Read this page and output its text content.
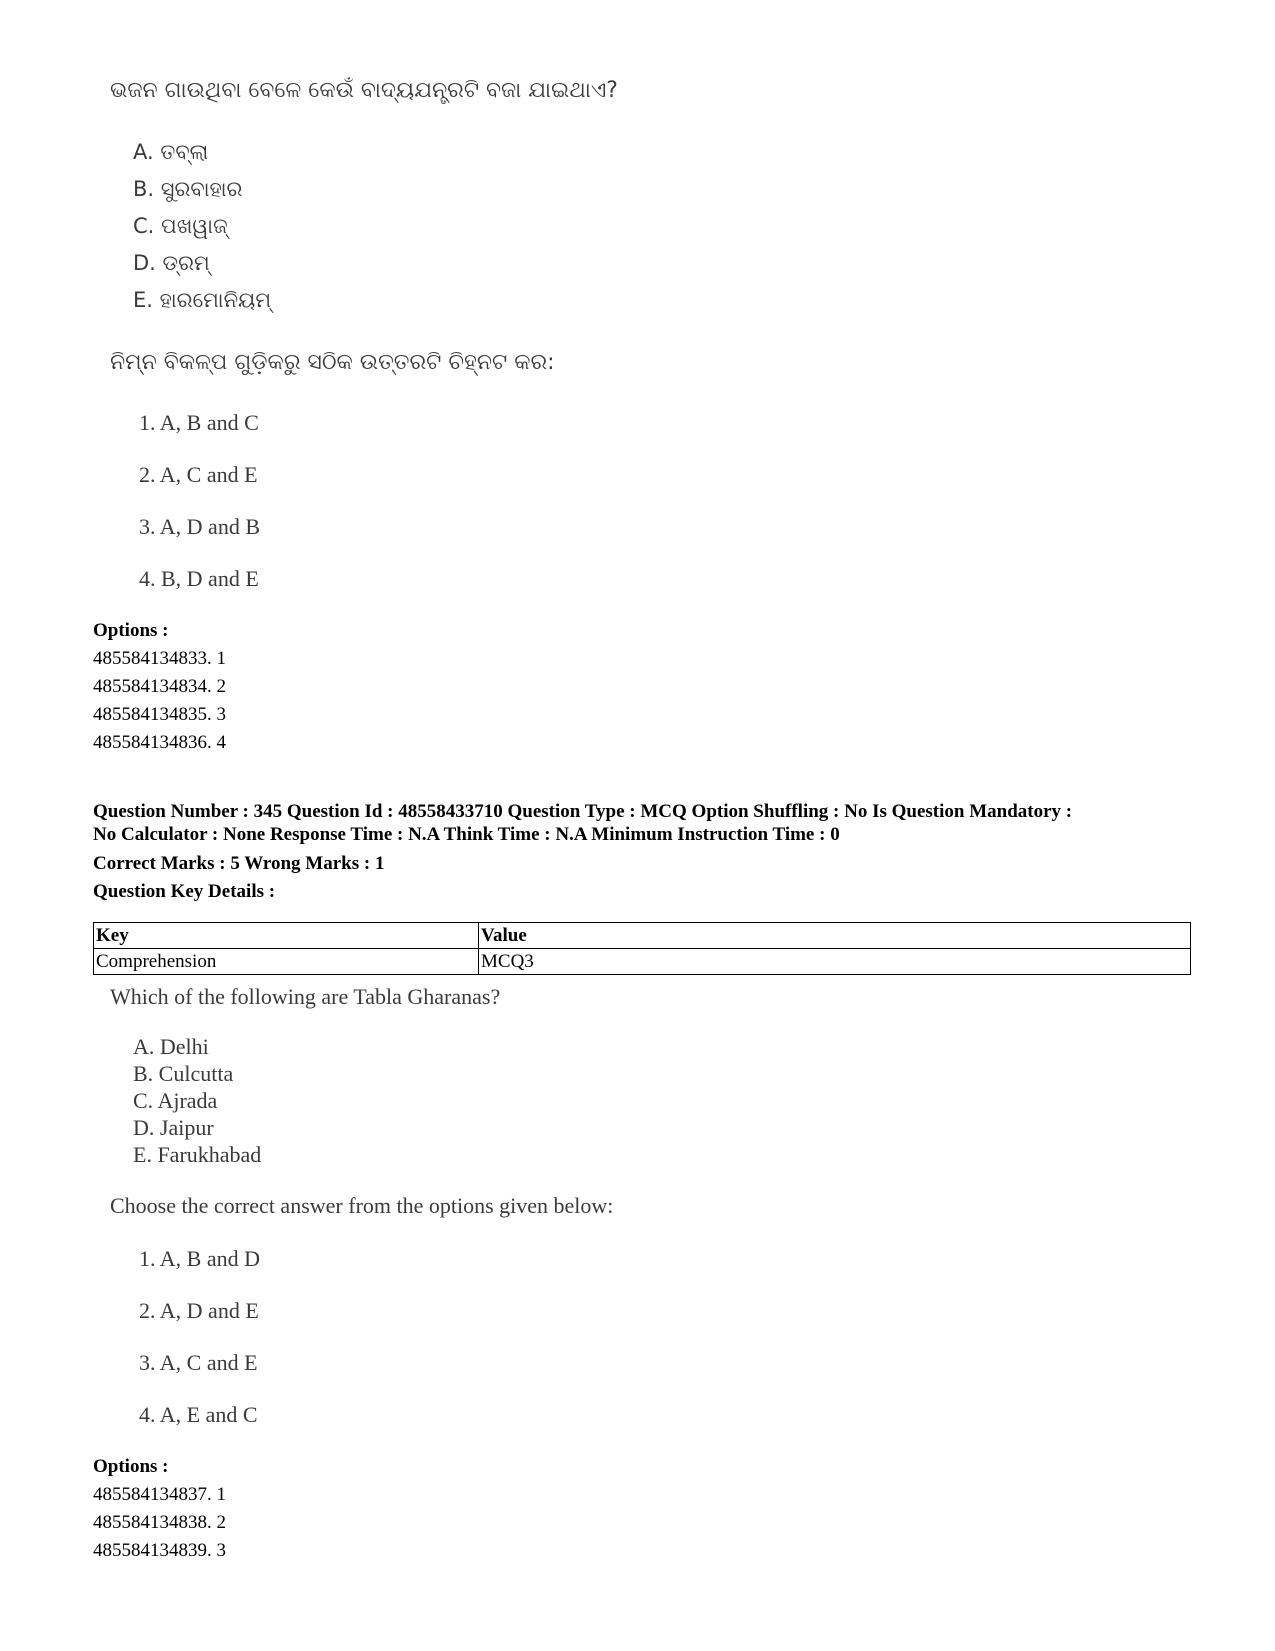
ଭଜନ ଗାଉଥିବା ବେଳେ କେଉଁ ବାଦ୍ୟଯନ୍ତ୍ରଟି ବଜା ଯାଇଥାଏ?
A. ତବ୍‌ଲା
B. ସୁରବାହାର
C. ପଖୱାଜ୍
D. ଡ୍ରମ୍
E. ହାରମୋନିୟମ୍
ନିମ୍ନ ବିକଳ୍ପ ଗୁଡ଼ିକରୁ ସଠିକ ଉତ୍ତରଟି ଚିହ୍ନଟ କର:
1. A, B and C
2. A, C and E
3. A, D and B
4. B, D and E
Options :
485584134833. 1
485584134834. 2
485584134835. 3
485584134836. 4
Question Number : 345 Question Id : 48558433710 Question Type : MCQ Option Shuffling : No Is Question Mandatory :
No Calculator : None Response Time : N.A Think Time : N.A Minimum Instruction Time : 0
Correct Marks : 5 Wrong Marks : 1
Question Key Details :
Key	Value
Comprehension	MCQ3
Which of the following are Tabla Gharanas?
A. Delhi
B. Culcutta
C. Ajrada
D. Jaipur
E. Farukhabad
Choose the correct answer from the options given below:
1. A, B and D
2. A, D and E
3. A, C and E
4. A, E and C
Options :
485584134837. 1
485584134838. 2
485584134839. 3
